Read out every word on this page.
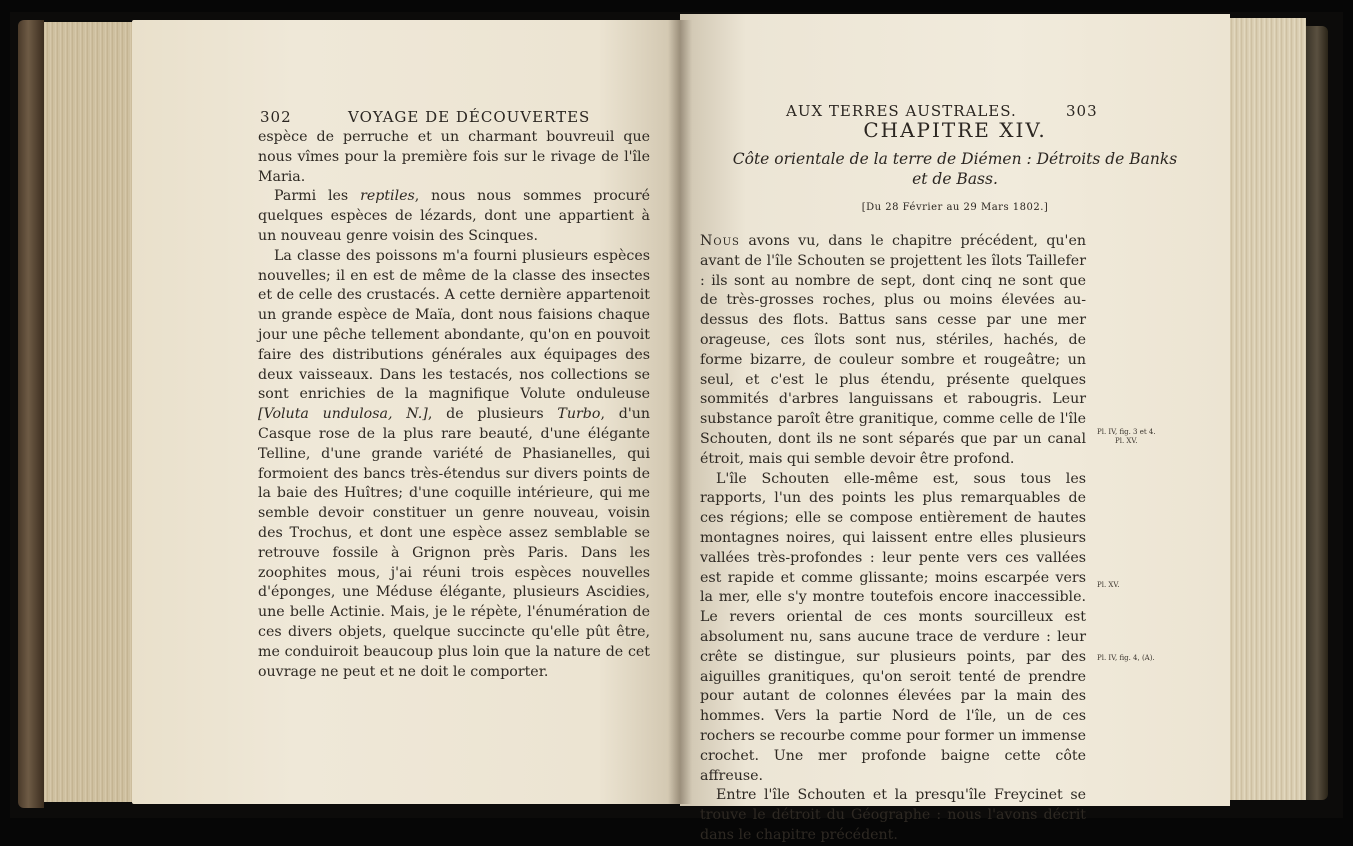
302	VOYAGE DE DÉCOUVERTES

espèce de perruche et un charmant bouvreuil que nous vîmes pour la première fois sur le rivage de l'île Maria.

Parmi les reptiles, nous nous sommes procuré quelques espèces de lézards, dont une appartient à un nouveau genre voisin des Scinques.

La classe des poissons m'a fourni plusieurs espèces nouvelles; il en est de même de la classe des insectes et de celle des crustacés. A cette dernière appartenoit un grande espèce de Maïa, dont nous faisions chaque jour une pêche tellement abondante, qu'on en pouvoit faire des distributions générales aux équipages des deux vaisseaux. Dans les testacés, nos collections se sont enrichies de la magnifique Volute onduleuse [Voluta undulosa, N.], de plusieurs Turbo, d'un Casque rose de la plus rare beauté, d'une élégante Telline, d'une grande variété de Phasianelles, qui formoient des bancs très-étendus sur divers points de la baie des Huîtres; d'une coquille intérieure, qui me semble devoir constituer un genre nouveau, voisin des Trochus, et dont une espèce assez semblable se retrouve fossile à Grignon près Paris. Dans les zoophites mous, j'ai réuni trois espèces nouvelles d'éponges, une Méduse élégante, plusieurs Ascidies, une belle Actinie. Mais, je le répète, l'énumération de ces divers objets, quelque succincte qu'elle pût être, me conduiroit beaucoup plus loin que la nature de cet ouvrage ne peut et ne doit le comporter.

AUX TERRES AUSTRALES.	303
CHAPITRE XIV.
Côte orientale de la terre de Diémen : Détroits de Banks
et de Bass.
[Du 28 Février au 29 Mars 1802.]

Nous avons vu, dans le chapitre précédent, qu'en avant de l'île Schouten se projettent les îlots Taillefer : ils sont au nombre de sept, dont cinq ne sont que de très-grosses roches, plus ou moins élevées au-dessus des flots. Battus sans cesse par une mer orageuse, ces îlots sont nus, stériles, hachés, de forme bizarre, de couleur sombre et rougeâtre; un seul, et c'est le plus étendu, présente quelques sommités d'arbres languissans et rabougris. Leur substance paroît être granitique, comme celle de l'île Schouten, dont ils ne sont séparés que par un canal étroit, mais qui semble devoir être profond.

L'île Schouten elle-même est, sous tous les rapports, l'un des points les plus remarquables de ces régions; elle se compose entièrement de hautes montagnes noires, qui laissent entre elles plusieurs vallées très-profondes : leur pente vers ces vallées est rapide et comme glissante; moins escarpée vers la mer, elle s'y montre toutefois encore inaccessible. Le revers oriental de ces monts sourcilleux est absolument nu, sans aucune trace de verdure : leur crête se distingue, sur plusieurs points, par des aiguilles granitiques, qu'on seroit tenté de prendre pour autant de colonnes élevées par la main des hommes. Vers la partie Nord de l'île, un de ces rochers se recourbe comme pour former un immense crochet. Une mer profonde baigne cette côte affreuse.

Entre l'île Schouten et la presqu'île Freycinet se trouve le détroit du Géographe : nous l'avons décrit dans le chapitre précédent.

Pl. IV, fig. 3 et 4.
Pl. XV.
Pl. XV.
Pl. IV, fig. 4, (A).
